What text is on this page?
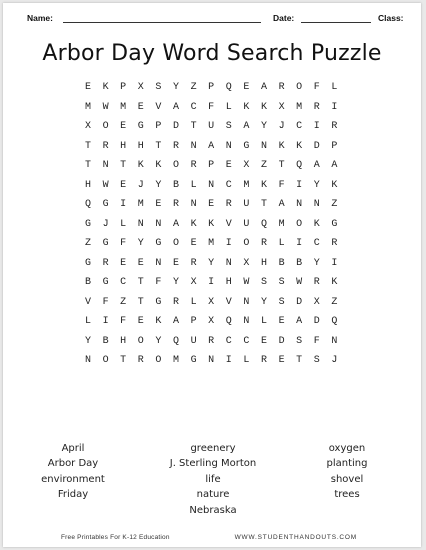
Name:	Date:	Class:
Arbor Day Word Search Puzzle
E K P X S Y Z P Q E A R O F L
M W M E V A C F L K K X M R I
X O E G P D T U S A Y J C I R
T R H H T R N A N G N K K D P
T N T K K O R P E X Z T Q A A
H W E J Y B L N C M K F I Y K
Q G I M E R N E R U T A N N Z
G J L N N A K K V U Q M O K G
Z G F Y G O E M I O R L I C R
G R E E N E R Y N X H B B Y I
B G C T F Y X I H W S S W R K
V F Z T G R L X V N Y S D X Z
L I F E K A P X Q N L E A D Q
Y B H O Y Q U R C C E D S F N
N O T R O M G N I L R E T S J
April
Arbor Day
environment
Friday
greenery
J. Sterling Morton
life
nature
Nebraska
oxygen
planting
shovel
trees
Free Printables For K-12 Education	WWW.STUDENTHANDOUTS.COM
